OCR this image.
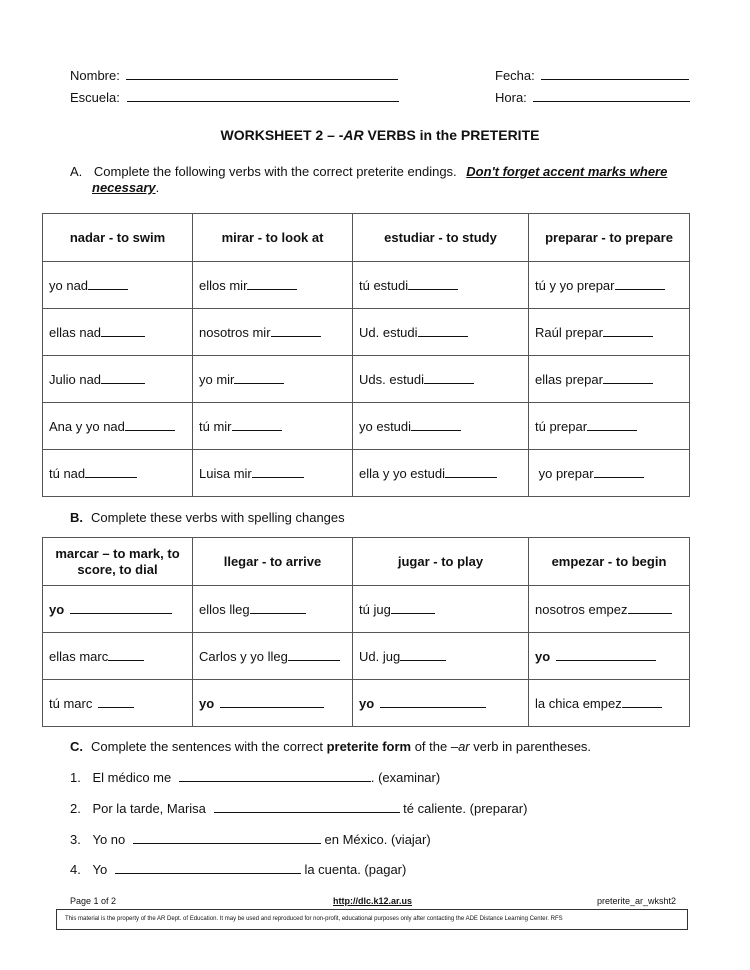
Nombre:	Fecha:
Escuela:	Hora:
WORKSHEET 2 – -AR VERBS in the PRETERITE
A. Complete the following verbs with the correct preterite endings. Don't forget accent marks where
necessary.
nadar - to swim	mirar - to look at	estudiar - to study	preparar - to prepare
yo nad	ellos mir	tú estudi	tú y yo prepar
ellas nad	nosotros mir	Ud. estudi	Raúl prepar
Julio nad	yo mir	Uds. estudi	ellas prepar
Ana y yo nad	tú mir	yo estudi	tú prepar
tú nad	Luisa mir	ella y yo estudi	yo prepar
B. Complete these verbs with spelling changes
marcar – to mark, to score, to dial	llegar - to arrive	jugar - to play	empezar - to begin
yo	ellos lleg	tú jug	nosotros empez
ellas marc	Carlos y yo lleg	Ud. jug	yo
tú marc	yo	yo	la chica empez
C. Complete the sentences with the correct preterite form of the –ar verb in parentheses.
1. El médico me	. (examinar)
2. Por la tarde, Marisa	té caliente. (preparar)
3. Yo no	en México. (viajar)
4. Yo	la cuenta. (pagar)
Page 1 of 2	http://dlc.k12.ar.us	preterite_ar_wksht2
This material is the property of the AR Dept. of Education. It may be used and reproduced for non-profit, educational purposes only after contacting the ADE Distance Learning Center. RFS
